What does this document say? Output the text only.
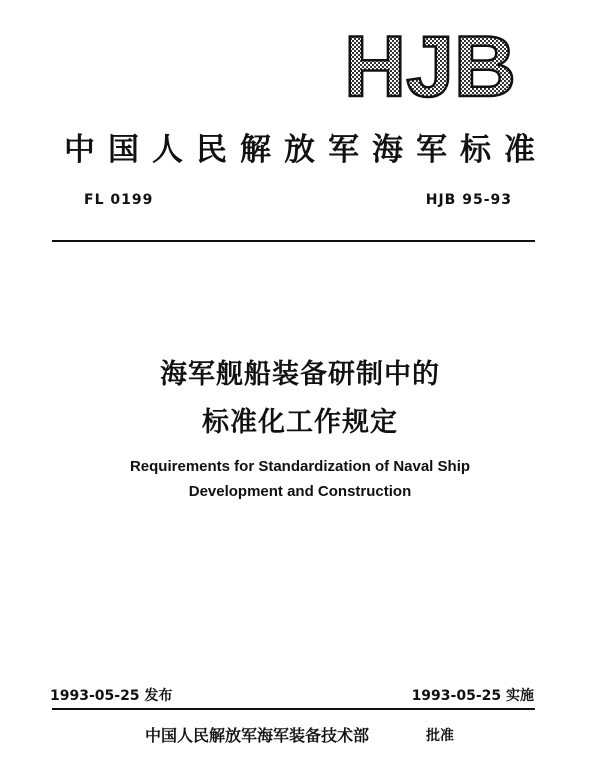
HJB
中国人民解放军海军标准
FL 0199	HJB 95-93
海军舰船装备研制中的
标准化工作规定
Requirements for Standardization of Naval Ship
Development and Construction
1993-05-25 发布	1993-05-25 实施
中国人民解放军海军装备技术部	批准
